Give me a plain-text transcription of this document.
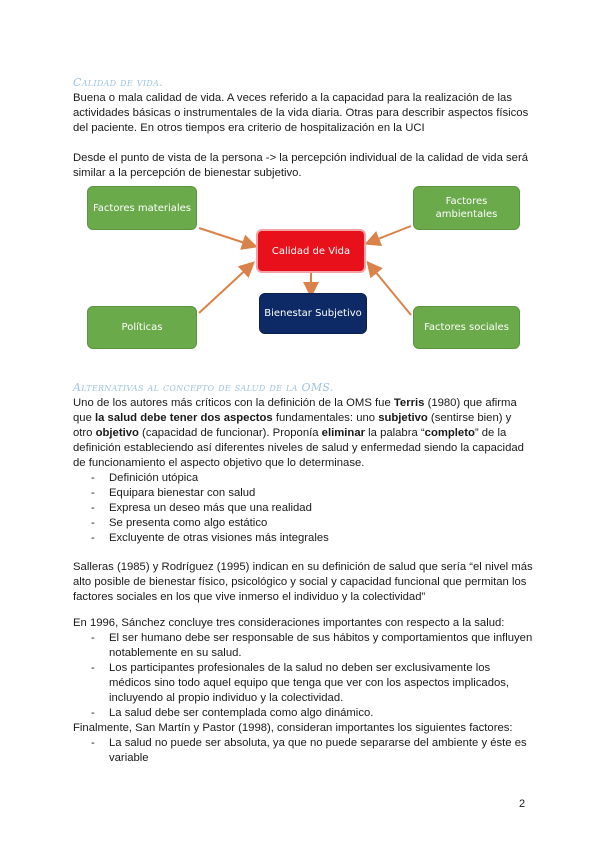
Calidad de vida.

Buena o mala calidad de vida. A veces referido a la capacidad para la realización de las actividades básicas o instrumentales de la vida diaria. Otras para describir aspectos físicos del paciente. En otros tiempos era criterio de hospitalización en la UCI

Desde el punto de vista de la persona -> la percepción individual de la calidad de vida será similar a la percepción de bienestar subjetivo.

Factores materiales
Factores ambientales
Calidad de Vida
Bienestar Subjetivo
Políticas	Factores sociales
Alternativas al concepto de salud de la OMS.

Uno de los autores más críticos con la definición de la OMS fue Terris (1980) que afirma que la salud debe tener dos aspectos fundamentales: uno subjetivo (sentirse bien) y otro objetivo (capacidad de funcionar). Proponía eliminar la palabra “completo” de la definición estableciendo así diferentes niveles de salud y enfermedad siendo la capacidad de funcionamiento el aspecto objetivo que lo determinase.

- Definición utópica
- Equipara bienestar con salud
- Expresa un deseo más que una realidad
- Se presenta como algo estático
- Excluyente de otras visiones más integrales

Salleras (1985) y Rodríguez (1995) indican en su definición de salud que sería “el nivel más alto posible de bienestar físico, psicológico y social y capacidad funcional que permitan los factores sociales en los que vive inmerso el individuo y la colectividad”

En 1996, Sánchez concluye tres consideraciones importantes con respecto a la salud:

- El ser humano debe ser responsable de sus hábitos y comportamientos que influyen notablemente en su salud.
- Los participantes profesionales de la salud no deben ser exclusivamente los médicos sino todo aquel equipo que tenga que ver con los aspectos implicados, incluyendo al propio individuo y la colectividad.
- La salud debe ser contemplada como algo dinámico.

Finalmente, San Martín y Pastor (1998), consideran importantes los siguientes factores:

- La salud no puede ser absoluta, ya que no puede separarse del ambiente y éste es variable
2
